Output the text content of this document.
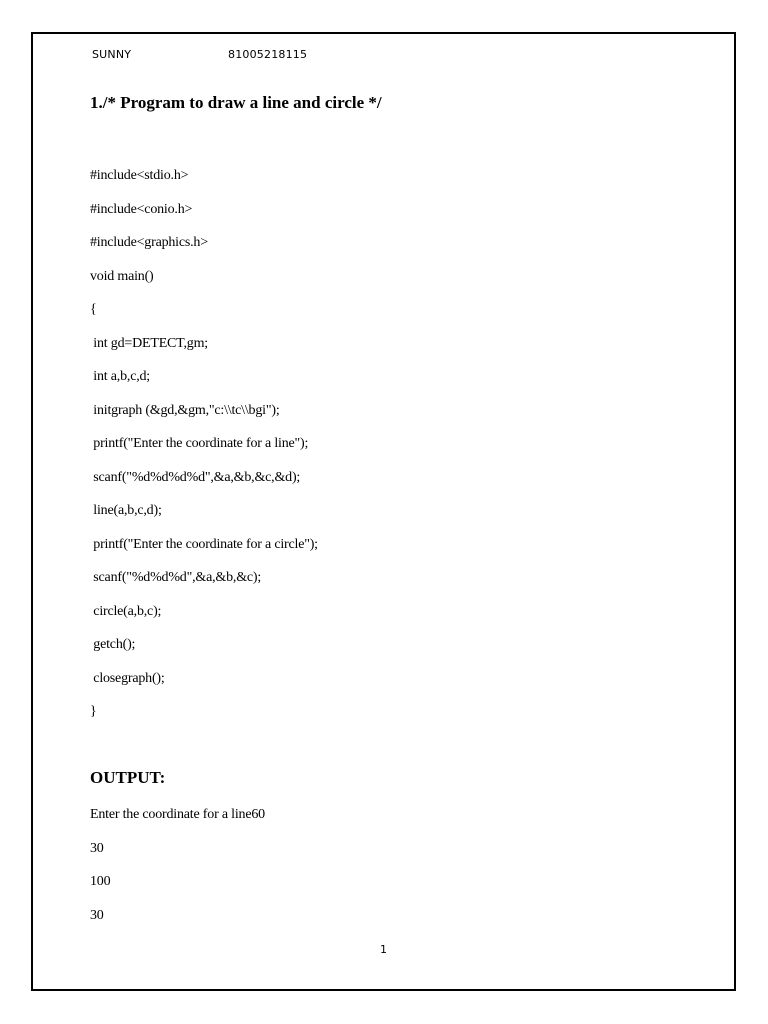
SUNNY	81005218115
1./* Program to draw a line and circle */
#include<stdio.h>
#include<conio.h>
#include<graphics.h>
void main()
{
int gd=DETECT,gm;
int a,b,c,d;
initgraph (&gd,&gm,"c:\\tc\\bgi");
printf("Enter the coordinate for a line");
scanf("%d%d%d%d",&a,&b,&c,&d);
line(a,b,c,d);
printf("Enter the coordinate for a circle");
scanf("%d%d%d",&a,&b,&c);
circle(a,b,c);
getch();
closegraph();
}
OUTPUT:
Enter the coordinate for a line60
30
100
30
1
